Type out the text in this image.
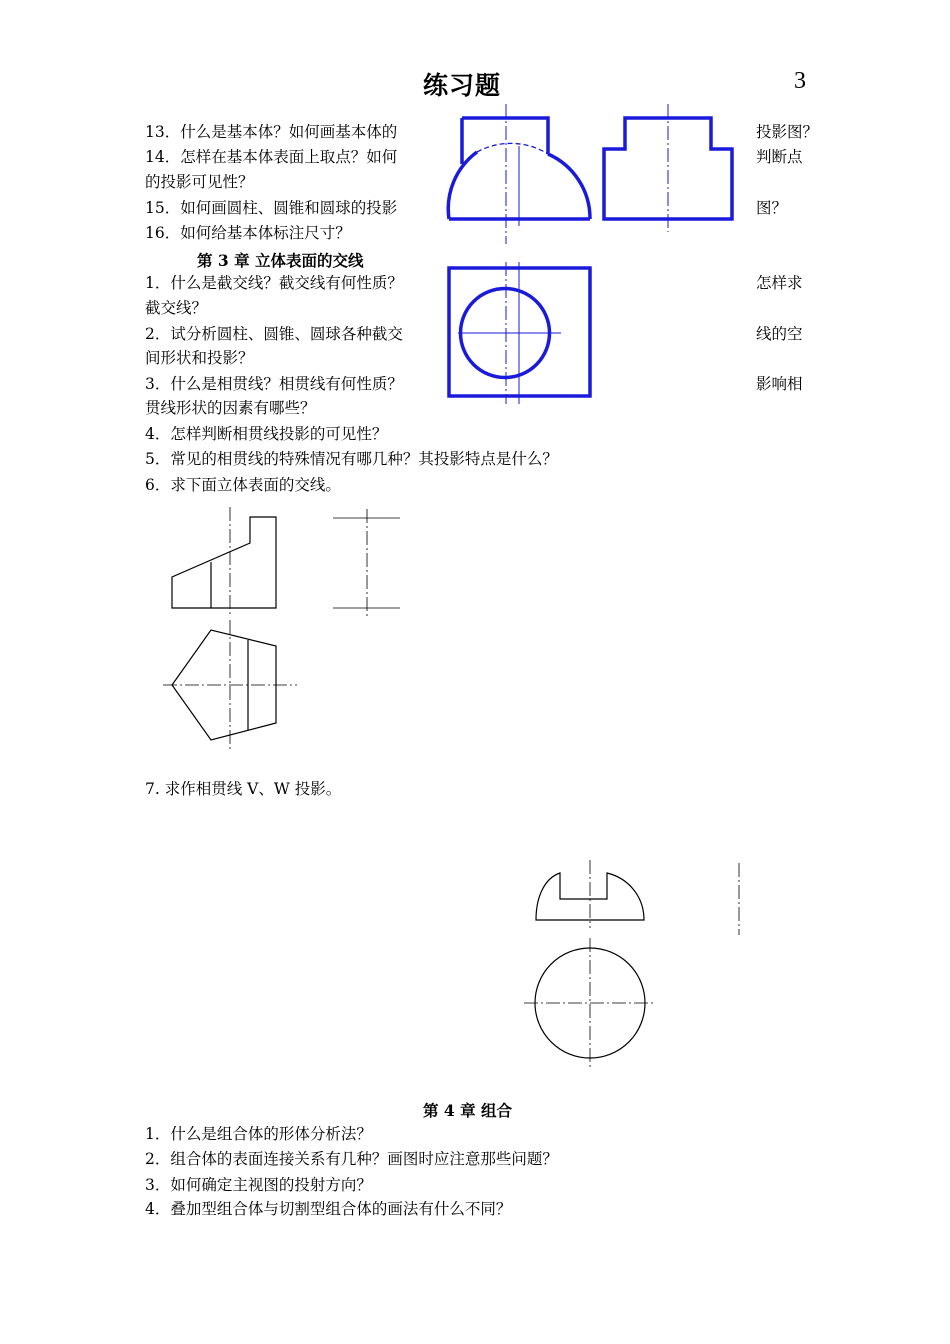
练习题	3
13．什么是基本体？如何画基本体的	投影图？
14．怎样在基本体表面上取点？如何	判断点
的投影可见性？
15．如何画圆柱、圆锥和圆球的投影	图？
16．如何给基本体标注尺寸？
第 3 章 立体表面的交线
1．什么是截交线？截交线有何性质？	怎样求
截交线？
2．试分析圆柱、圆锥、圆球各种截交	线的空
间形状和投影？
3．什么是相贯线？相贯线有何性质？	影响相
贯线形状的因素有哪些？
4．怎样判断相贯线投影的可见性？
5．常见的相贯线的特殊情况有哪几种？其投影特点是什么？
6．求下面立体表面的交线。
7. 求作相贯线 V、W 投影。
第 4 章 组合
1．什么是组合体的形体分析法？
2．组合体的表面连接关系有几种？画图时应注意那些问题？
3．如何确定主视图的投射方向？
4．叠加型组合体与切割型组合体的画法有什么不同？
